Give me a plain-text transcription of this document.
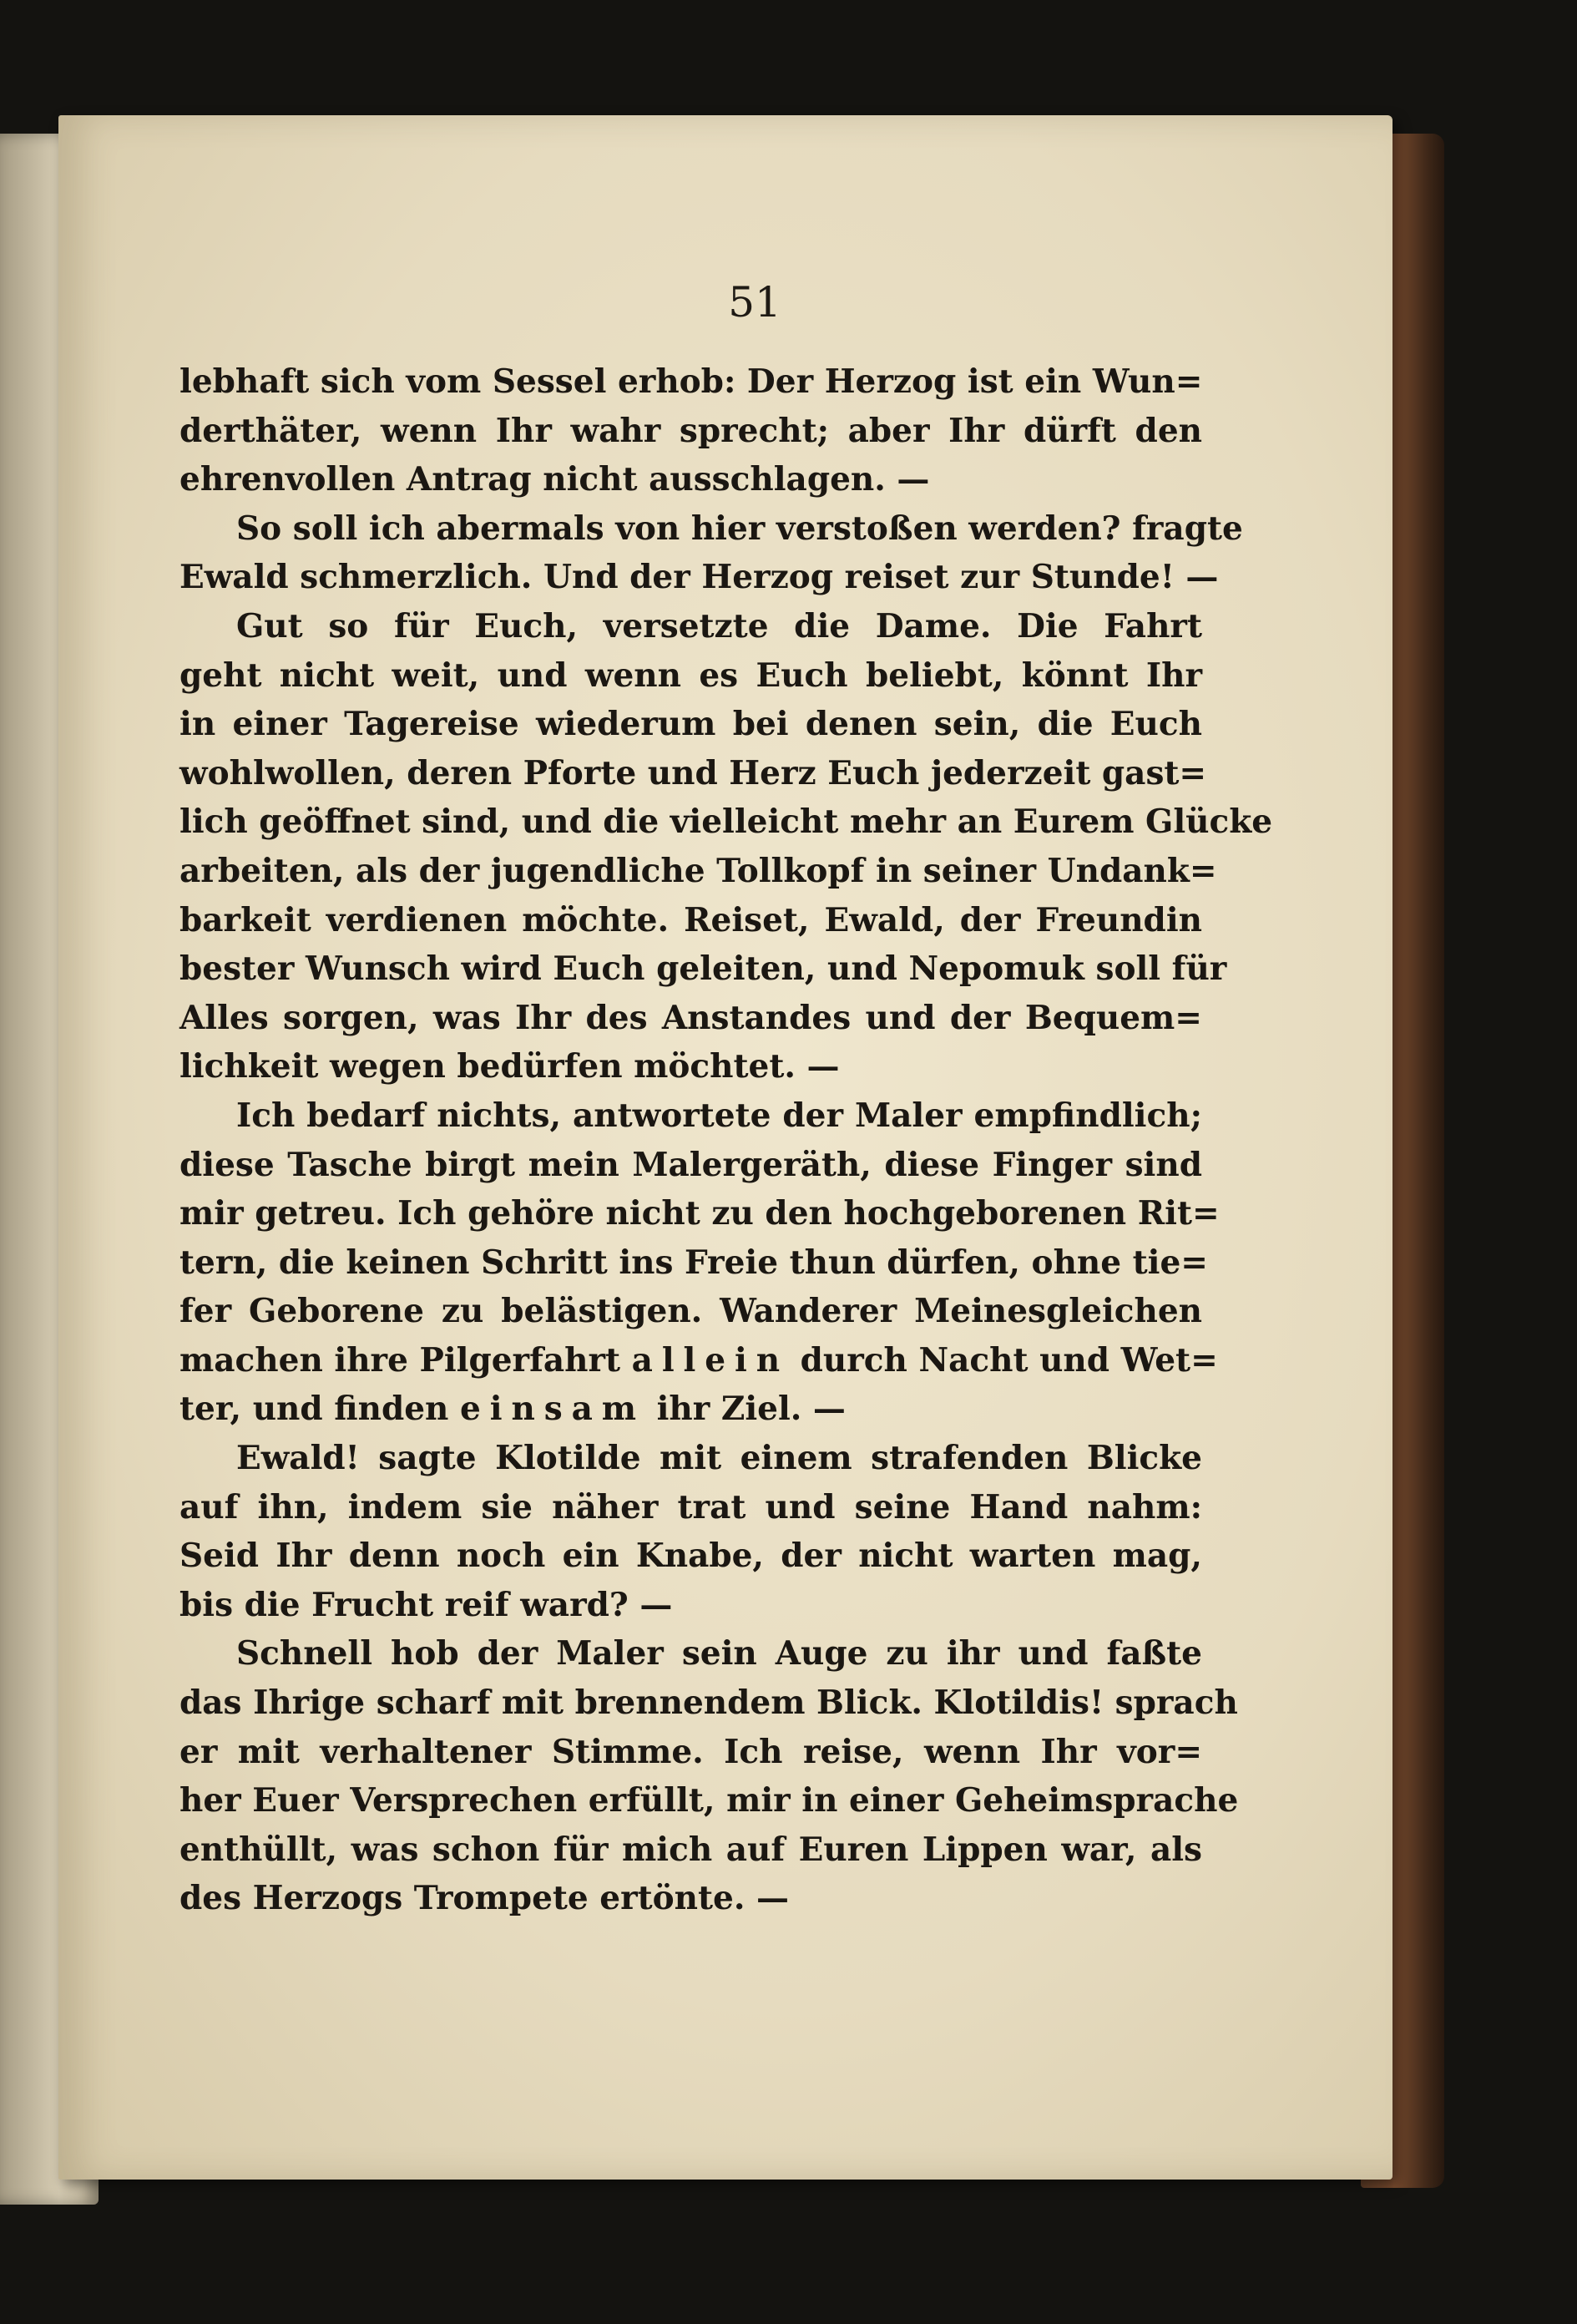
51
lebhaft sich vom Sessel erhob: Der Herzog ist ein Wun=
derthäter, wenn Ihr wahr sprecht; aber Ihr dürft den
ehrenvollen Antrag nicht ausschlagen. —
So soll ich abermals von hier verstoßen werden? fragte
Ewald schmerzlich. Und der Herzog reiset zur Stunde! —
Gut so für Euch, versetzte die Dame. Die Fahrt
geht nicht weit, und wenn es Euch beliebt, könnt Ihr
in einer Tagereise wiederum bei denen sein, die Euch
wohlwollen, deren Pforte und Herz Euch jederzeit gast=
lich geöffnet sind, und die vielleicht mehr an Eurem Glücke
arbeiten, als der jugendliche Tollkopf in seiner Undank=
barkeit verdienen möchte. Reiset, Ewald, der Freundin
bester Wunsch wird Euch geleiten, und Nepomuk soll für
Alles sorgen, was Ihr des Anstandes und der Bequem=
lichkeit wegen bedürfen möchtet. —
Ich bedarf nichts, antwortete der Maler empfindlich;
diese Tasche birgt mein Malergeräth, diese Finger sind
mir getreu. Ich gehöre nicht zu den hochgeborenen Rit=
tern, die keinen Schritt ins Freie thun dürfen, ohne tie=
fer Geborene zu belästigen. Wanderer Meinesgleichen
machen ihre Pilgerfahrt allein durch Nacht und Wet=
ter, und finden einsam ihr Ziel. —
Ewald! sagte Klotilde mit einem strafenden Blicke
auf ihn, indem sie näher trat und seine Hand nahm:
Seid Ihr denn noch ein Knabe, der nicht warten mag,
bis die Frucht reif ward? —
Schnell hob der Maler sein Auge zu ihr und faßte
das Ihrige scharf mit brennendem Blick. Klotildis! sprach
er mit verhaltener Stimme. Ich reise, wenn Ihr vor=
her Euer Versprechen erfüllt, mir in einer Geheimsprache
enthüllt, was schon für mich auf Euren Lippen war, als
des Herzogs Trompete ertönte. —
